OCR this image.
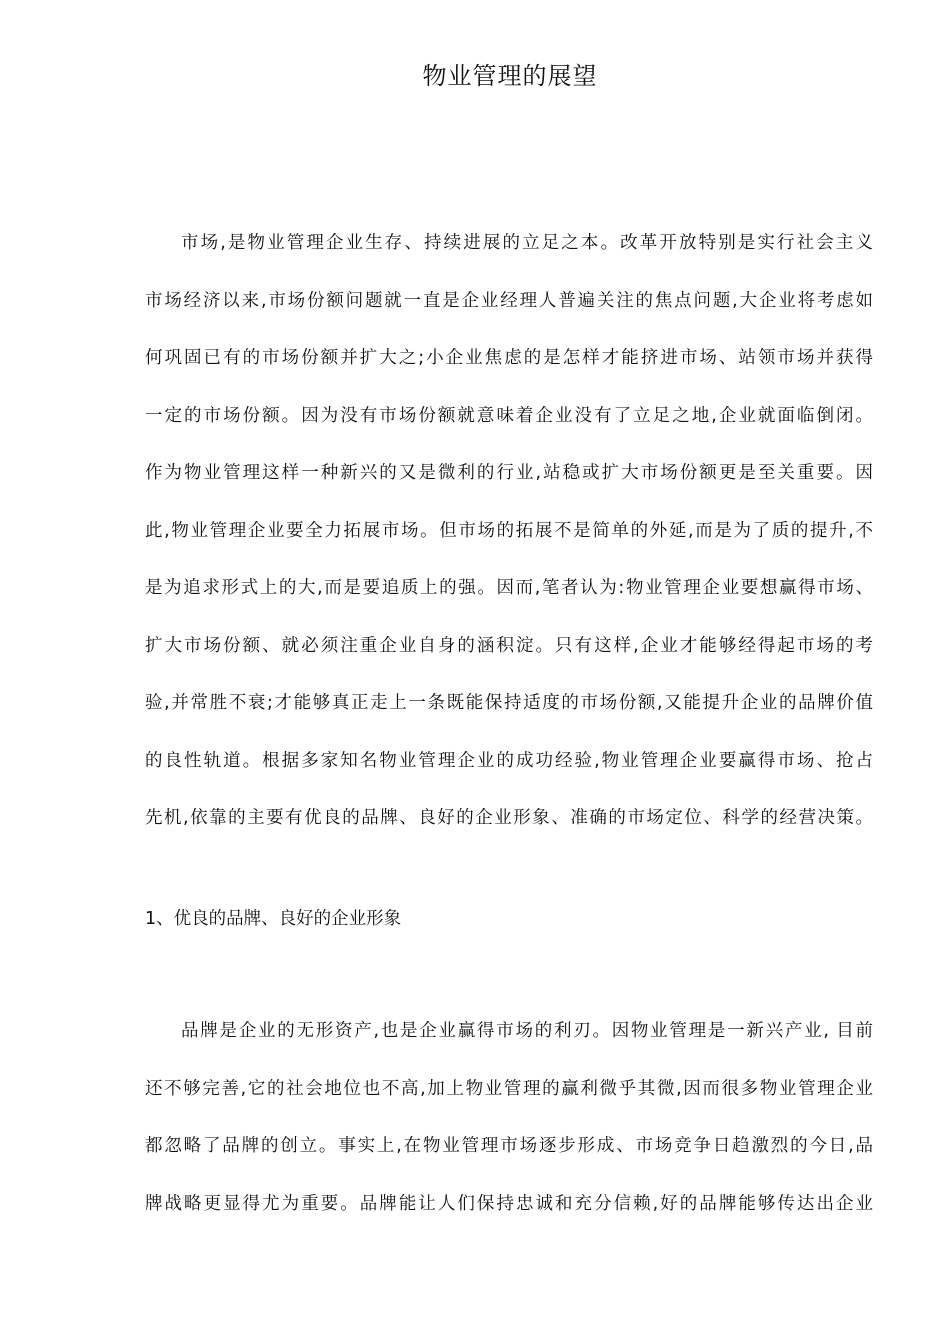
物业管理的展望

市场,是物业管理企业生存、持续进展的立足之本。改革开放特别是实行社会主义
市场经济以来,市场份额问题就一直是企业经理人普遍关注的焦点问题,大企业将考虑如
何巩固已有的市场份额并扩大之;小企业焦虑的是怎样才能挤进市场、站领市场并获得
一定的市场份额。因为没有市场份额就意味着企业没有了立足之地,企业就面临倒闭。
作为物业管理这样一种新兴的又是微利的行业,站稳或扩大市场份额更是至关重要。因
此,物业管理企业要全力拓展市场。但市场的拓展不是简单的外延,而是为了质的提升,不
是为追求形式上的大,而是要追质上的强。因而,笔者认为:物业管理企业要想赢得市场、
扩大市场份额、就必须注重企业自身的涵积淀。只有这样,企业才能够经得起市场的考
验,并常胜不衰;才能够真正走上一条既能保持适度的市场份额,又能提升企业的品牌价值
的良性轨道。根据多家知名物业管理企业的成功经验,物业管理企业要赢得市场、抢占
先机,依靠的主要有优良的品牌、良好的企业形象、准确的市场定位、科学的经营决策。

1、优良的品牌、良好的企业形象

品牌是企业的无形资产,也是企业赢得市场的利刃。因物业管理是一新兴产业, 目前
还不够完善,它的社会地位也不高,加上物业管理的赢利微乎其微,因而很多物业管理企业
都忽略了品牌的创立。事实上,在物业管理市场逐步形成、市场竞争日趋激烈的今日,品
牌战略更显得尤为重要。品牌能让人们保持忠诚和充分信赖,好的品牌能够传达出企业
